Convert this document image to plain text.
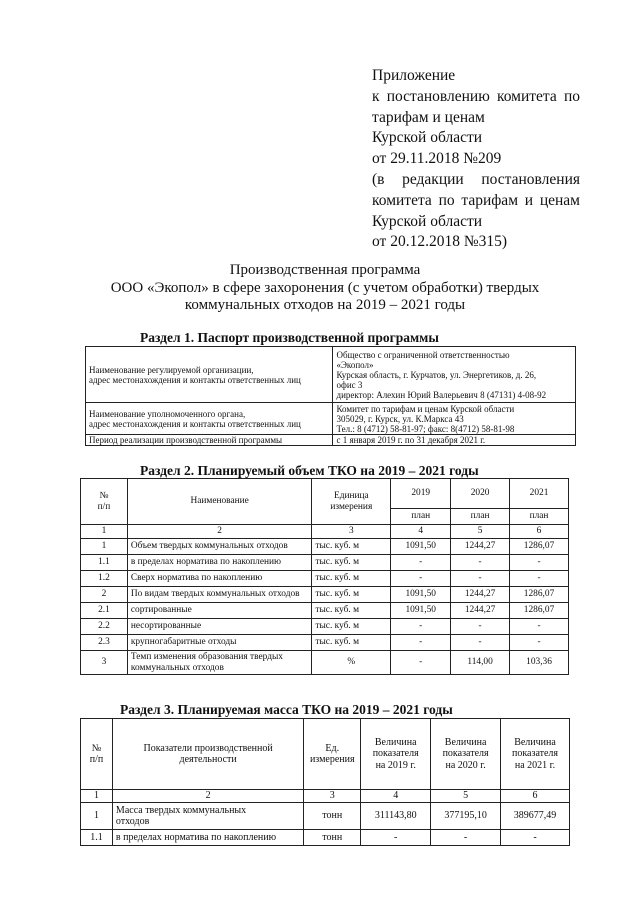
Приложение
к постановлению комитета по
тарифам и ценам
Курской области
от 29.11.2018 №209
(в редакции постановления
комитета по тарифам и ценам
Курской области
от 20.12.2018 №315)
Производственная программа
ООО «Экопол» в сфере захоронения (с учетом обработки) твердых
коммунальных отходов на 2019 – 2021 годы
Раздел 1. Паспорт производственной программы
Наименование регулируемой организации,
адрес местонахождения и контакты ответственных лиц	Общество с ограниченной ответственностью
«Экопол»
Курская область, г. Курчатов, ул. Энергетиков, д. 26,
офис 3
директор: Алехин Юрий Валерьевич 8 (47131) 4-08-92
Наименование уполномоченного органа,
адрес местонахождения и контакты ответственных лиц	Комитет по тарифам и ценам Курской области
305029, г. Курск, ул. К.Маркса 43
Тел.: 8 (4712) 58-81-97; факс: 8(4712) 58-81-98
Период реализации производственной программы	с 1 января 2019 г. по 31 декабря 2021 г.
Раздел 2. Планируемый объем ТКО на 2019 – 2021 годы
№
п/п	Наименование	Единица
измерения	2019	2020	2021
			план	план	план
1	2	3	4	5	6
1	Объем твердых коммунальных отходов	тыс. куб. м	1091,50	1244,27	1286,07
1.1	в пределах норматива по накоплению	тыс. куб. м	-	-	-
1.2	Сверх норматива по накоплению	тыс. куб. м	-	-	-
2	По видам твердых коммунальных отходов	тыс. куб. м	1091,50	1244,27	1286,07
2.1	сортированные	тыс. куб. м	1091,50	1244,27	1286,07
2.2	несортированные	тыс. куб. м	-	-	-
2.3	крупногабаритные отходы	тыс. куб. м	-	-	-
3	Темп изменения образования твердых
коммунальных отходов	%	-	114,00	103,36
Раздел 3. Планируемая масса ТКО на 2019 – 2021 годы
№
п/п	Показатели производственной
деятельности	Ед.
измерения	Величина
показателя
на 2019 г.	Величина
показателя
на 2020 г.	Величина
показателя
на 2021 г.
1	2	3	4	5	6
1	Масса твердых коммунальных
отходов	тонн	311143,80	377195,10	389677,49
1.1	в пределах норматива по накоплению	тонн	-	-	-
